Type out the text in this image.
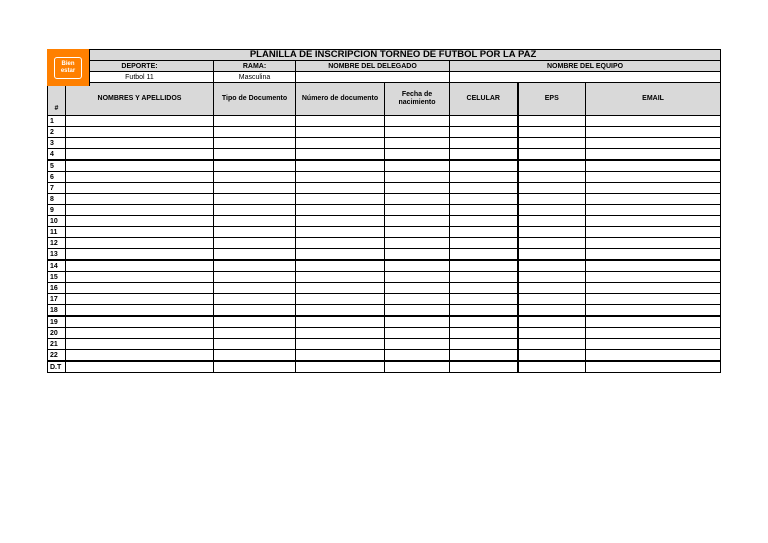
	PLANILLA DE INSCRIPCION TORNEO DE FUTBOL POR LA PAZ						
	DEPORTE:	RAMA:	NOMBRE DEL DELEGADO		NOMBRE DEL EQUIPO		
	Futbol 11	Masculina					
#	NOMBRES Y APELLIDOS	Tipo de Documento	Número de documento	Fecha de nacimiento	CELULAR	EPS	EMAIL
1							
2							
3							
4							
5							
6							
7							
8							
9							
10							
11							
12							
13							
14							
15							
16							
17							
18							
19							
20							
21							
22							
D.T							
Bien
estar
